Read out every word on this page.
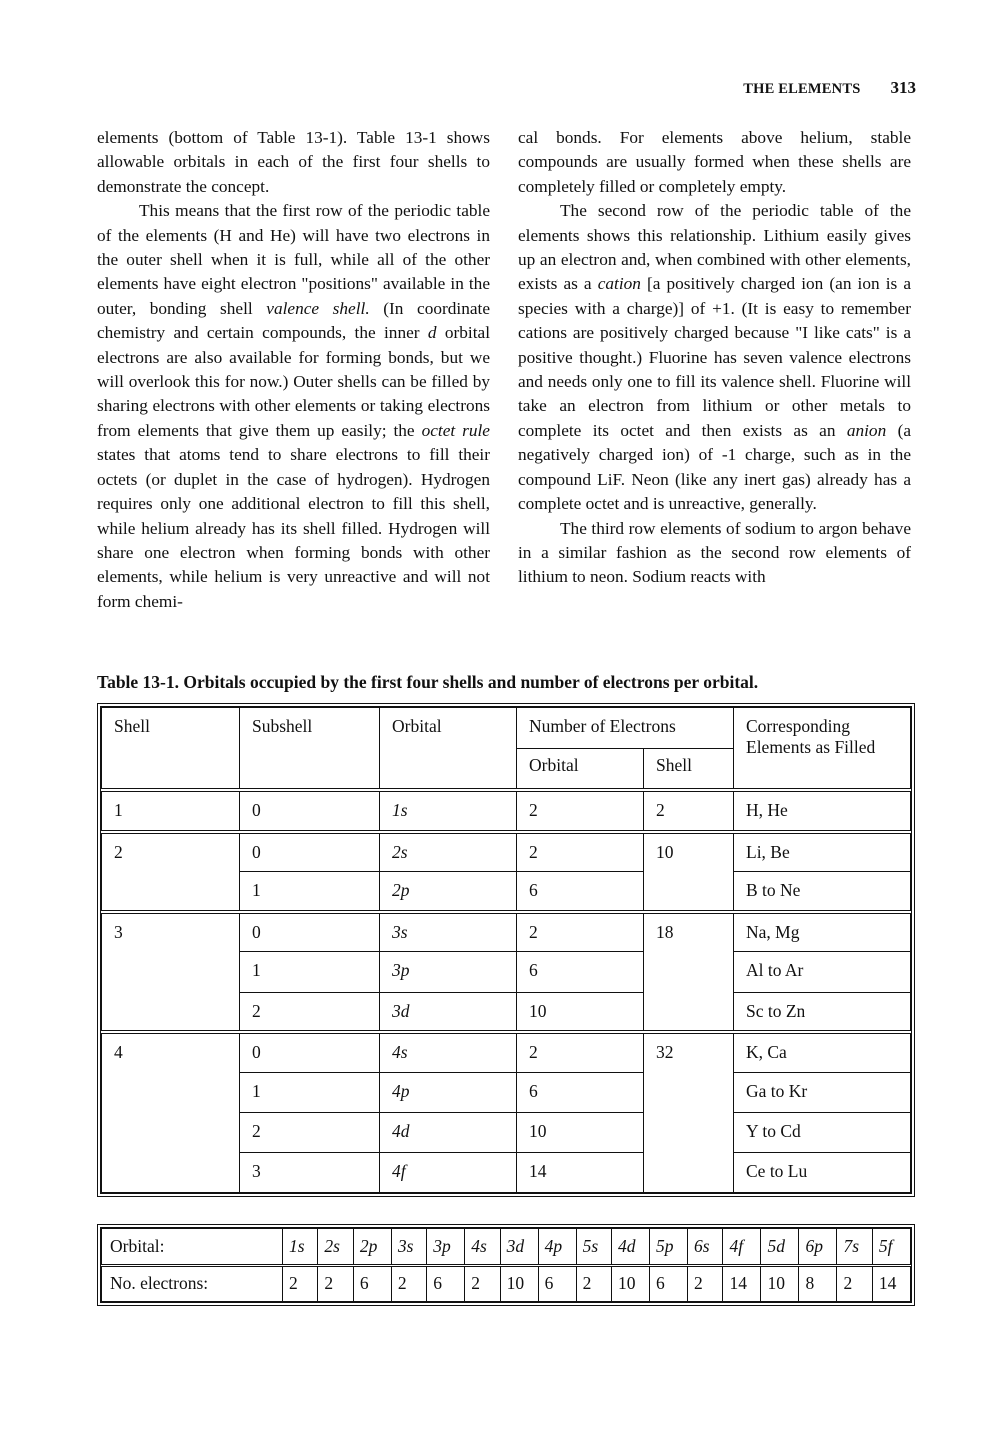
THE ELEMENTS 313

elements (bottom of Table 13-1). Table 13-1 shows allowable orbitals in each of the first four shells to demonstrate the concept.

This means that the first row of the periodic table of the elements (H and He) will have two electrons in the outer shell when it is full, while all of the other elements have eight electron "positions" available in the outer, bonding shell valence shell. (In coordinate chemistry and certain compounds, the inner d orbital electrons are also available for forming bonds, but we will overlook this for now.) Outer shells can be filled by sharing electrons with other elements or taking electrons from elements that give them up easily; the octet rule states that atoms tend to share electrons to fill their octets (or duplet in the case of hydrogen). Hydrogen requires only one additional electron to fill this shell, while helium already has its shell filled. Hydrogen will share one electron when forming bonds with other elements, while helium is very unreactive and will not form chemi-

cal bonds. For elements above helium, stable compounds are usually formed when these shells are completely filled or completely empty.

The second row of the periodic table of the elements shows this relationship. Lithium easily gives up an electron and, when combined with other elements, exists as a cation [a positively charged ion (an ion is a species with a charge)] of +1. (It is easy to remember cations are positively charged because "I like cats" is a positive thought.) Fluorine has seven valence electrons and needs only one to fill its valence shell. Fluorine will take an electron from lithium or other metals to complete its octet and then exists as an anion (a negatively charged ion) of -1 charge, such as in the compound LiF. Neon (like any inert gas) already has a complete octet and is unreactive, generally.

The third row elements of sodium to argon behave in a similar fashion as the second row elements of lithium to neon. Sodium reacts with

Table 13-1. Orbitals occupied by the first four shells and number of electrons per orbital.
Shell	Subshell	Orbital	Number of Electrons		Corresponding Elements as Filled
			Orbital	Shell	
1	0	1s	2	2	H, He
2	0	2s	2	10	Li, Be
	1	2p	6		B to Ne
3	0	3s	2	18	Na, Mg
	1	3p	6		Al to Ar
	2	3d	10		Sc to Zn
4	0	4s	2	32	K, Ca
	1	4p	6		Ga to Kr
	2	4d	10		Y to Cd
	3	4f	14		Ce to Lu
Orbital:	1s	2s	2p	3s	3p	4s	3d	4p	5s	4d	5p	6s	4f	5d	6p	7s	5f
No. electrons:	2	2	6	2	6	2	10	6	2	10	6	2	14	10	8	2	14
